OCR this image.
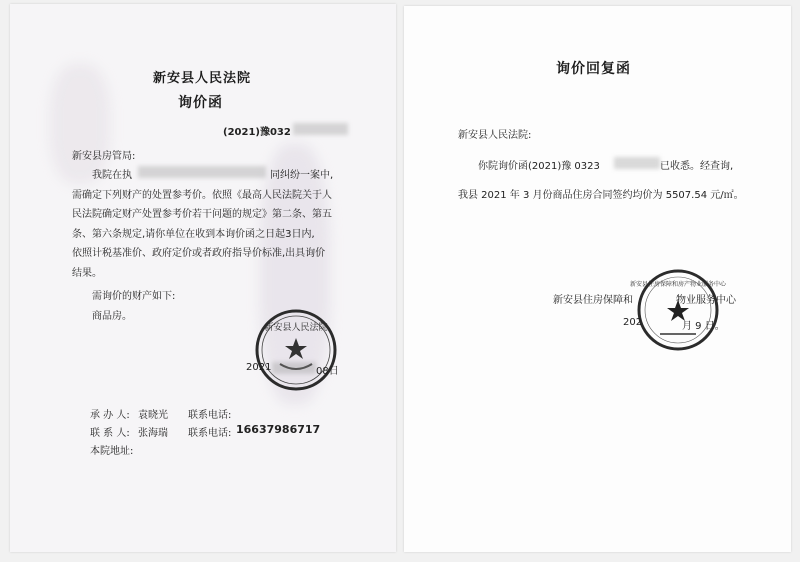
新安县人民法院
询价函
(2021)豫032
新安县房管局:
我院在执	同纠纷一案中,
需确定下列财产的处置参考价。依照《最高人民法院关于人
民法院确定财产处置参考价若干问题的规定》第二条、第五
条、第六条规定,请你单位在收到本询价函之日起3日内,
依照计税基准价、政府定价或者政府指导价标准,出具询价
结果。
需询价的财产如下:
商品房。
新安县人民法院
2021	08日
承 办 人: 袁晓光 联系电话:
联 系 人: 张海瑞 联系电话: 16637986717
本院地址:
询价回复函
新安县人民法院:
你院询价函(2021)豫 0323	已收悉。经查询,
我县 2021 年 3 月份商品住房合同签约均价为 5507.54 元/㎡。
新安县住房保障和房产物业服务中心
新安县住房保障和	物业服务中心
202	月 9 日。
